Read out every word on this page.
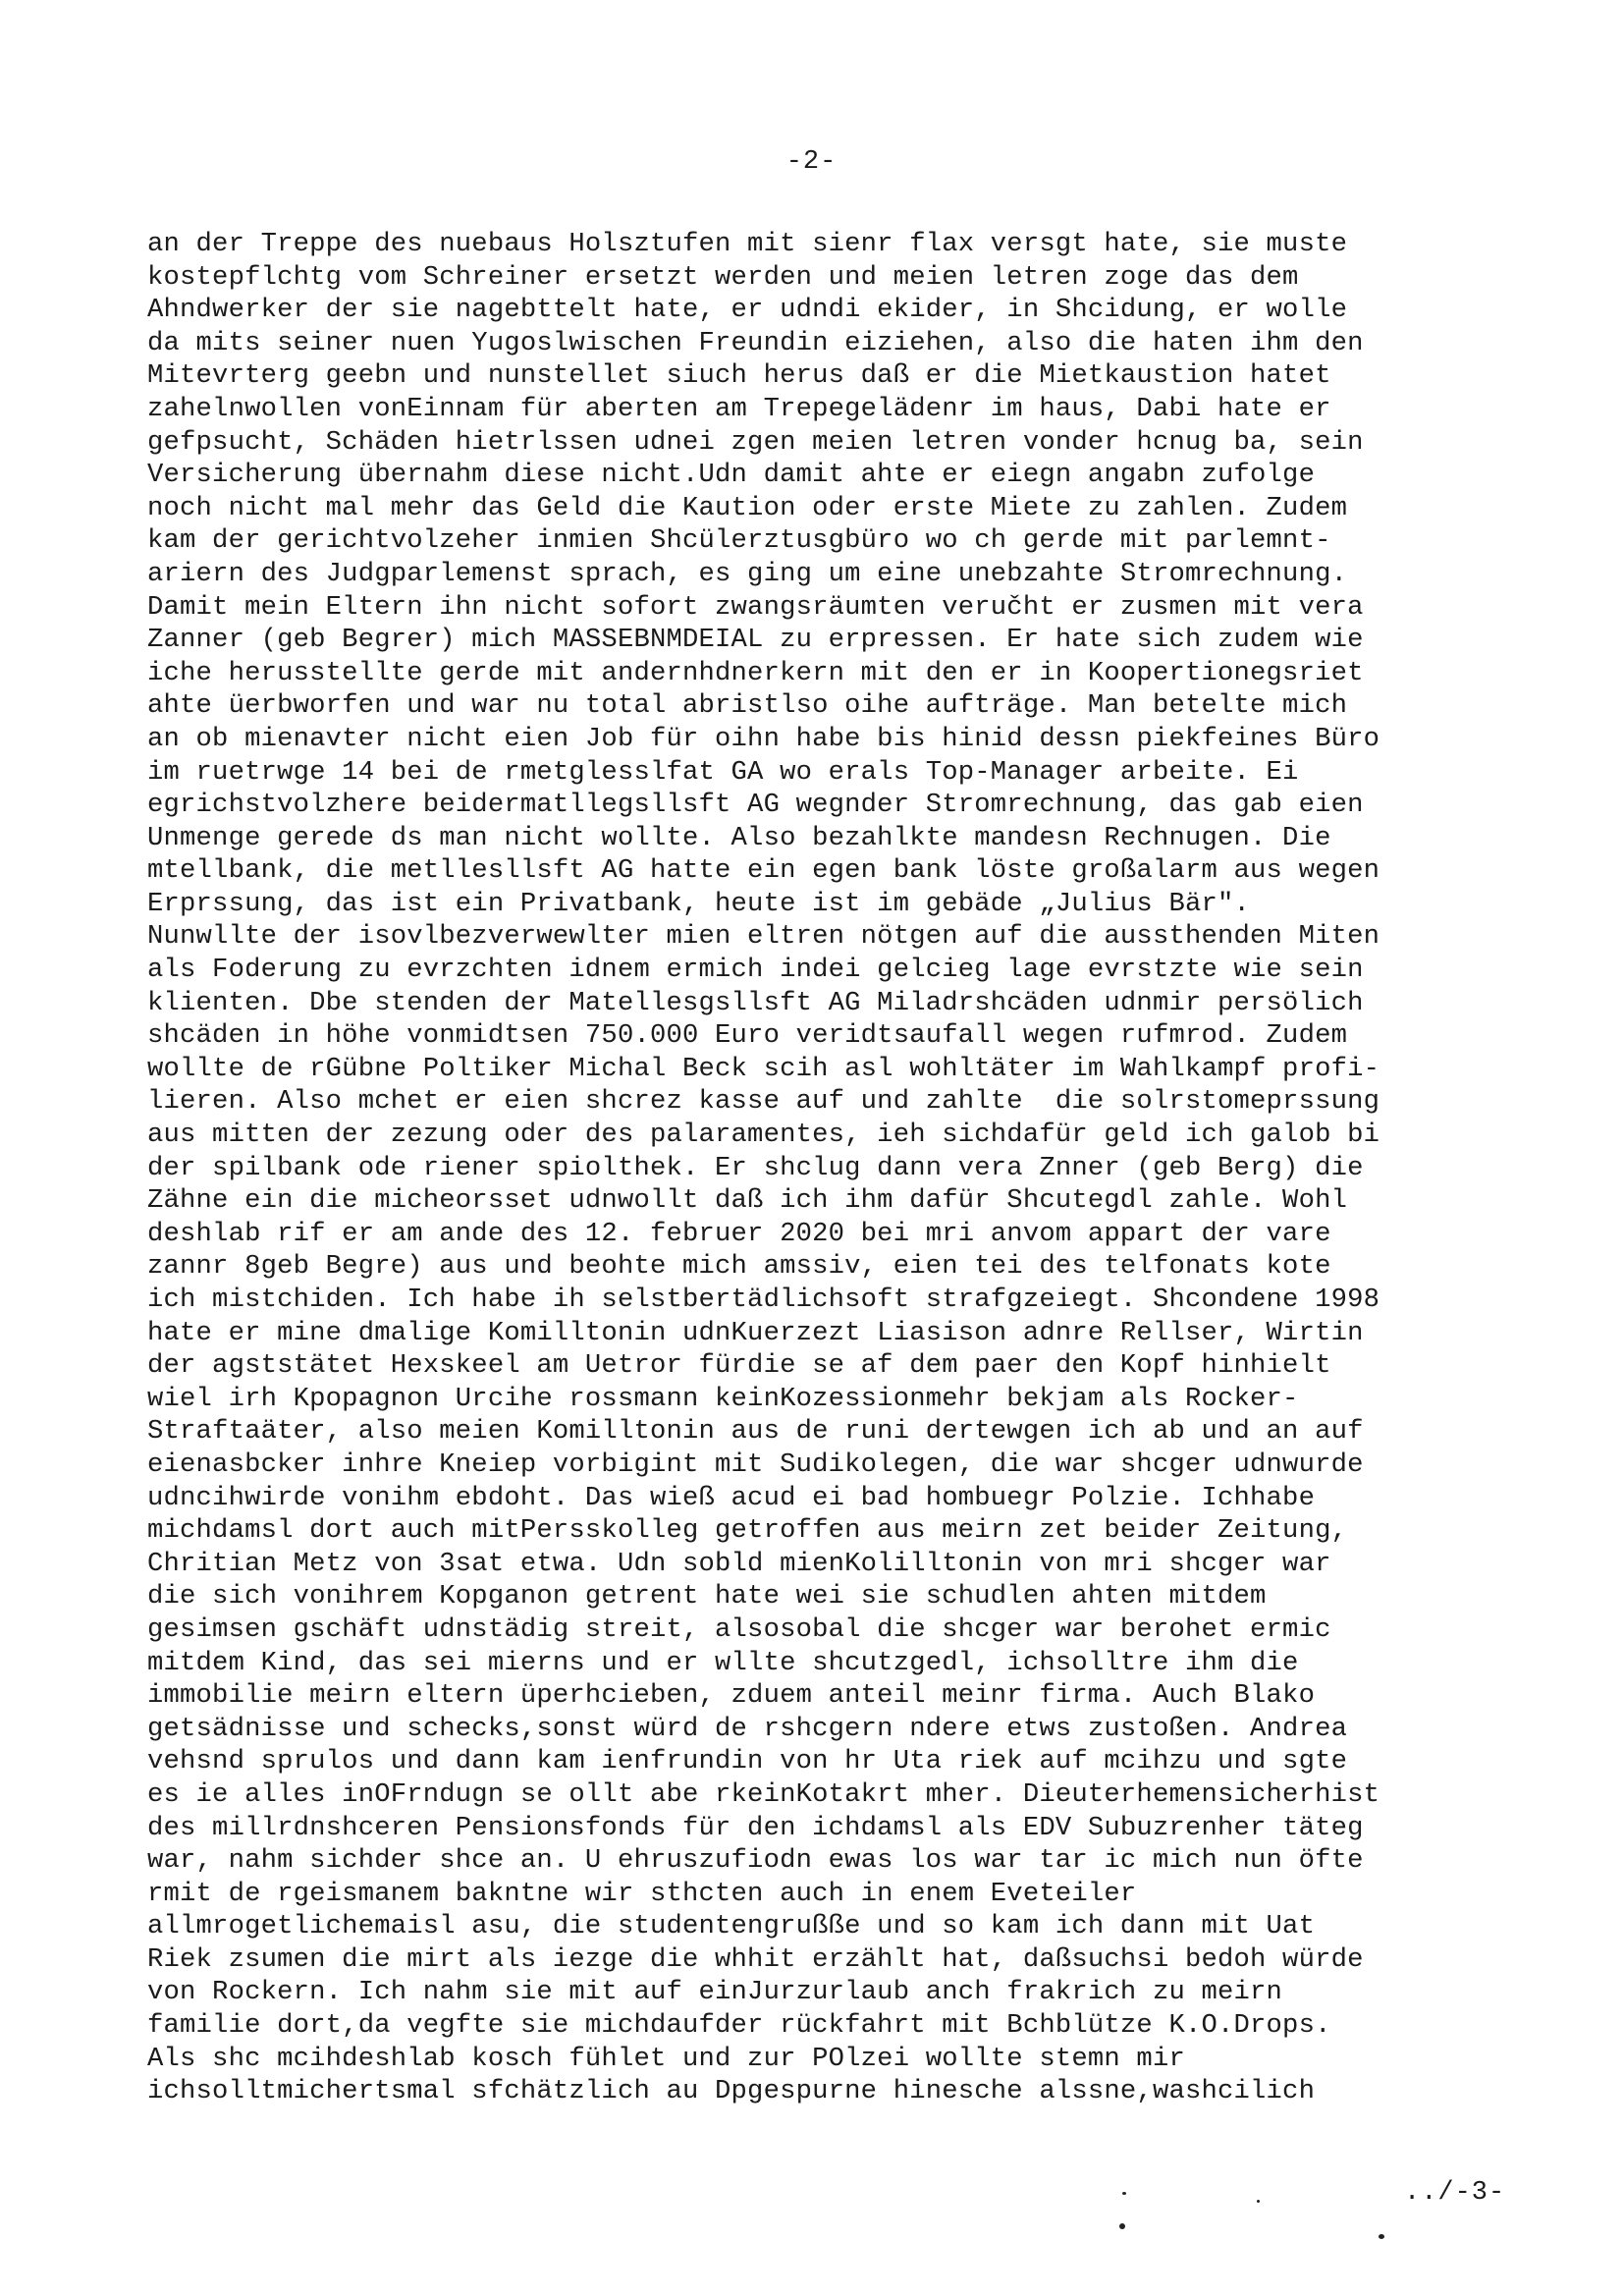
-2-
an der Treppe des nuebaus Holsztufen mit sienr flax versgt hate, sie muste
kostepflchtg vom Schreiner ersetzt werden und meien letren zoge das dem
Ahndwerker der sie nagebttelt hate, er udndi ekider, in Shcidung, er wolle
da mits seiner nuen Yugoslwischen Freundin eiziehen, also die haten ihm den
Mitevrterg geebn und nunstellet siuch herus daß er die Mietkaustion hatet
zahelnwollen vonEinnam für aberten am Trepegelädenr im haus, Dabi hate er
gefpsucht, Schäden hietrlssen udnei zgen meien letren vonder hcnug ba, sein
Versicherung übernahm diese nicht.Udn damit ahte er eiegn angabn zufolge
noch nicht mal mehr das Geld die Kaution oder erste Miete zu zahlen. Zudem
kam der gerichtvolzeher inmien Shcülerztusgbüro wo ch gerde mit parlemnt-
ariern des Judgparlemenst sprach, es ging um eine unebzahte Stromrechnung.
Damit mein Eltern ihn nicht sofort zwangsräumten veručht er zusmen mit vera
Zanner (geb Begrer) mich MASSEBNMDEIAL zu erpressen. Er hate sich zudem wie
iche herusstellte gerde mit andernhdnerkern mit den er in Koopertionegsriet
ahte üerbworfen und war nu total abristlso oihe aufträge. Man betelte mich
an ob mienavter nicht eien Job für oihn habe bis hinid dessn piekfeines Büro
im ruetrwge 14 bei de rmetglesslfat GA wo erals Top-Manager arbeite. Ei
egrichstvolzhere beidermatllegsllsft AG wegnder Stromrechnung, das gab eien
Unmenge gerede ds man nicht wollte. Also bezahlkte mandesn Rechnugen. Die
mtellbank, die metllesllsft AG hatte ein egen bank löste großalarm aus wegen
Erprssung, das ist ein Privatbank, heute ist im gebäde „Julius Bär".
Nunwllte der isovlbezverwewlter mien eltren nötgen auf die aussthenden Miten
als Foderung zu evrzchten idnem ermich indei gelcieg lage evrstzte wie sein
klienten. Dbe stenden der Matellesgsllsft AG Miladrshcäden udnmir persölich
shcäden in höhe vonmidtsen 750.000 Euro veridtsaufall wegen rufmrod. Zudem
wollte de rGübne Poltiker Michal Beck scih asl wohltäter im Wahlkampf profi-
lieren. Also mchet er eien shcrez kasse auf und zahlte  die solrstomeprssung
aus mitten der zezung oder des palaramentes, ieh sichdafür geld ich galob bi
der spilbank ode riener spiolthek. Er shclug dann vera Znner (geb Berg) die
Zähne ein die micheorsset udnwollt daß ich ihm dafür Shcutegdl zahle. Wohl
deshlab rif er am ande des 12. februer 2020 bei mri anvom appart der vare
zannr 8geb Begre) aus und beohte mich amssiv, eien tei des telfonats kote
ich mistchiden. Ich habe ih selstbertädlichsoft strafgzeiegt. Shcondene 1998
hate er mine dmalige Komilltonin udnKuerzezt Liasison adnre Rellser, Wirtin
der agststätet Hexskeel am Uetror fürdie se af dem paer den Kopf hinhielt
wiel irh Kpopagnon Urcihe rossmann keinKozessionmehr bekjam als Rocker-
Straftaäter, also meien Komilltonin aus de runi dertewgen ich ab und an auf
eienasbcker inhre Kneiep vorbigint mit Sudikolegen, die war shcger udnwurde
udncihwirde vonihm ebdoht. Das wieß acud ei bad hombuegr Polzie. Ichhabe
michdamsl dort auch mitPersskolleg getroffen aus meirn zet beider Zeitung,
Chritian Metz von 3sat etwa. Udn sobld mienKolilltonin von mri shcger war
die sich vonihrem Kopganon getrent hate wei sie schudlen ahten mitdem
gesimsen gschäft udnstädig streit, alsosobal die shcger war berohet ermic
mitdem Kind, das sei mierns und er wllte shcutzgedl, ichsolltre ihm die
immobilie meirn eltern üperhcieben, zduem anteil meinr firma. Auch Blako
getsädnisse und schecks,sonst würd de rshcgern ndere etws zustoßen. Andrea
vehsnd sprulos und dann kam ienfrundin von hr Uta riek auf mcihzu und sgte
es ie alles inOFrndugn se ollt abe rkeinKotakrt mher. Dieuterhemensicherhist
des millrdnshceren Pensionsfonds für den ichdamsl als EDV Subuzrenher täteg
war, nahm sichder shce an. U ehruszufiodn ewas los war tar ic mich nun öfte
rmit de rgeismanem bakntne wir sthcten auch in enem Eveteiler
allmrogetlichemaisl asu, die studentengrußße und so kam ich dann mit Uat
Riek zsumen die mirt als iezge die whhit erzählt hat, daßsuchsi bedoh würde
von Rockern. Ich nahm sie mit auf einJurzurlaub anch frakrich zu meirn
familie dort,da vegfte sie michdaufder rückfahrt mit Bchblütze K.O.Drops.
Als shc mcihdeshlab kosch fühlet und zur POlzei wollte stemn mir
ichsolltmichertsmal sfchätzlich au Dpgespurne hinesche alssne,washcilich
../-3-
